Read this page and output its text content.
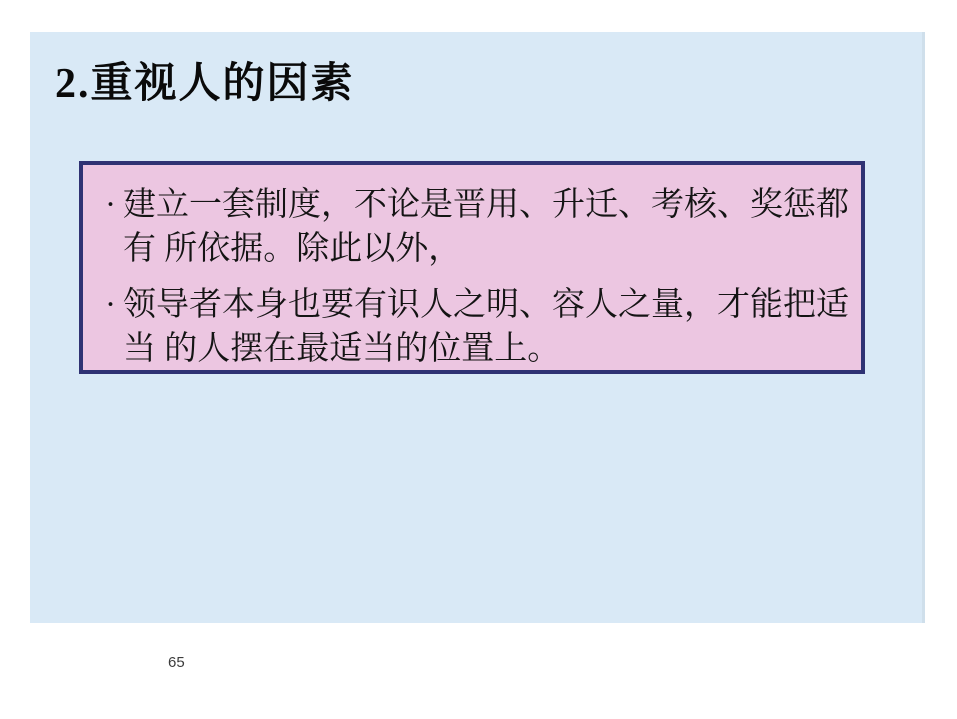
2.重视人的因素
· 建立一套制度，不论是晋用、升迁、考核、奖惩都
有 所依据。除此以外，
· 领导者本身也要有识人之明、容人之量，才能把适
当 的人摆在最适当的位置上。
65
